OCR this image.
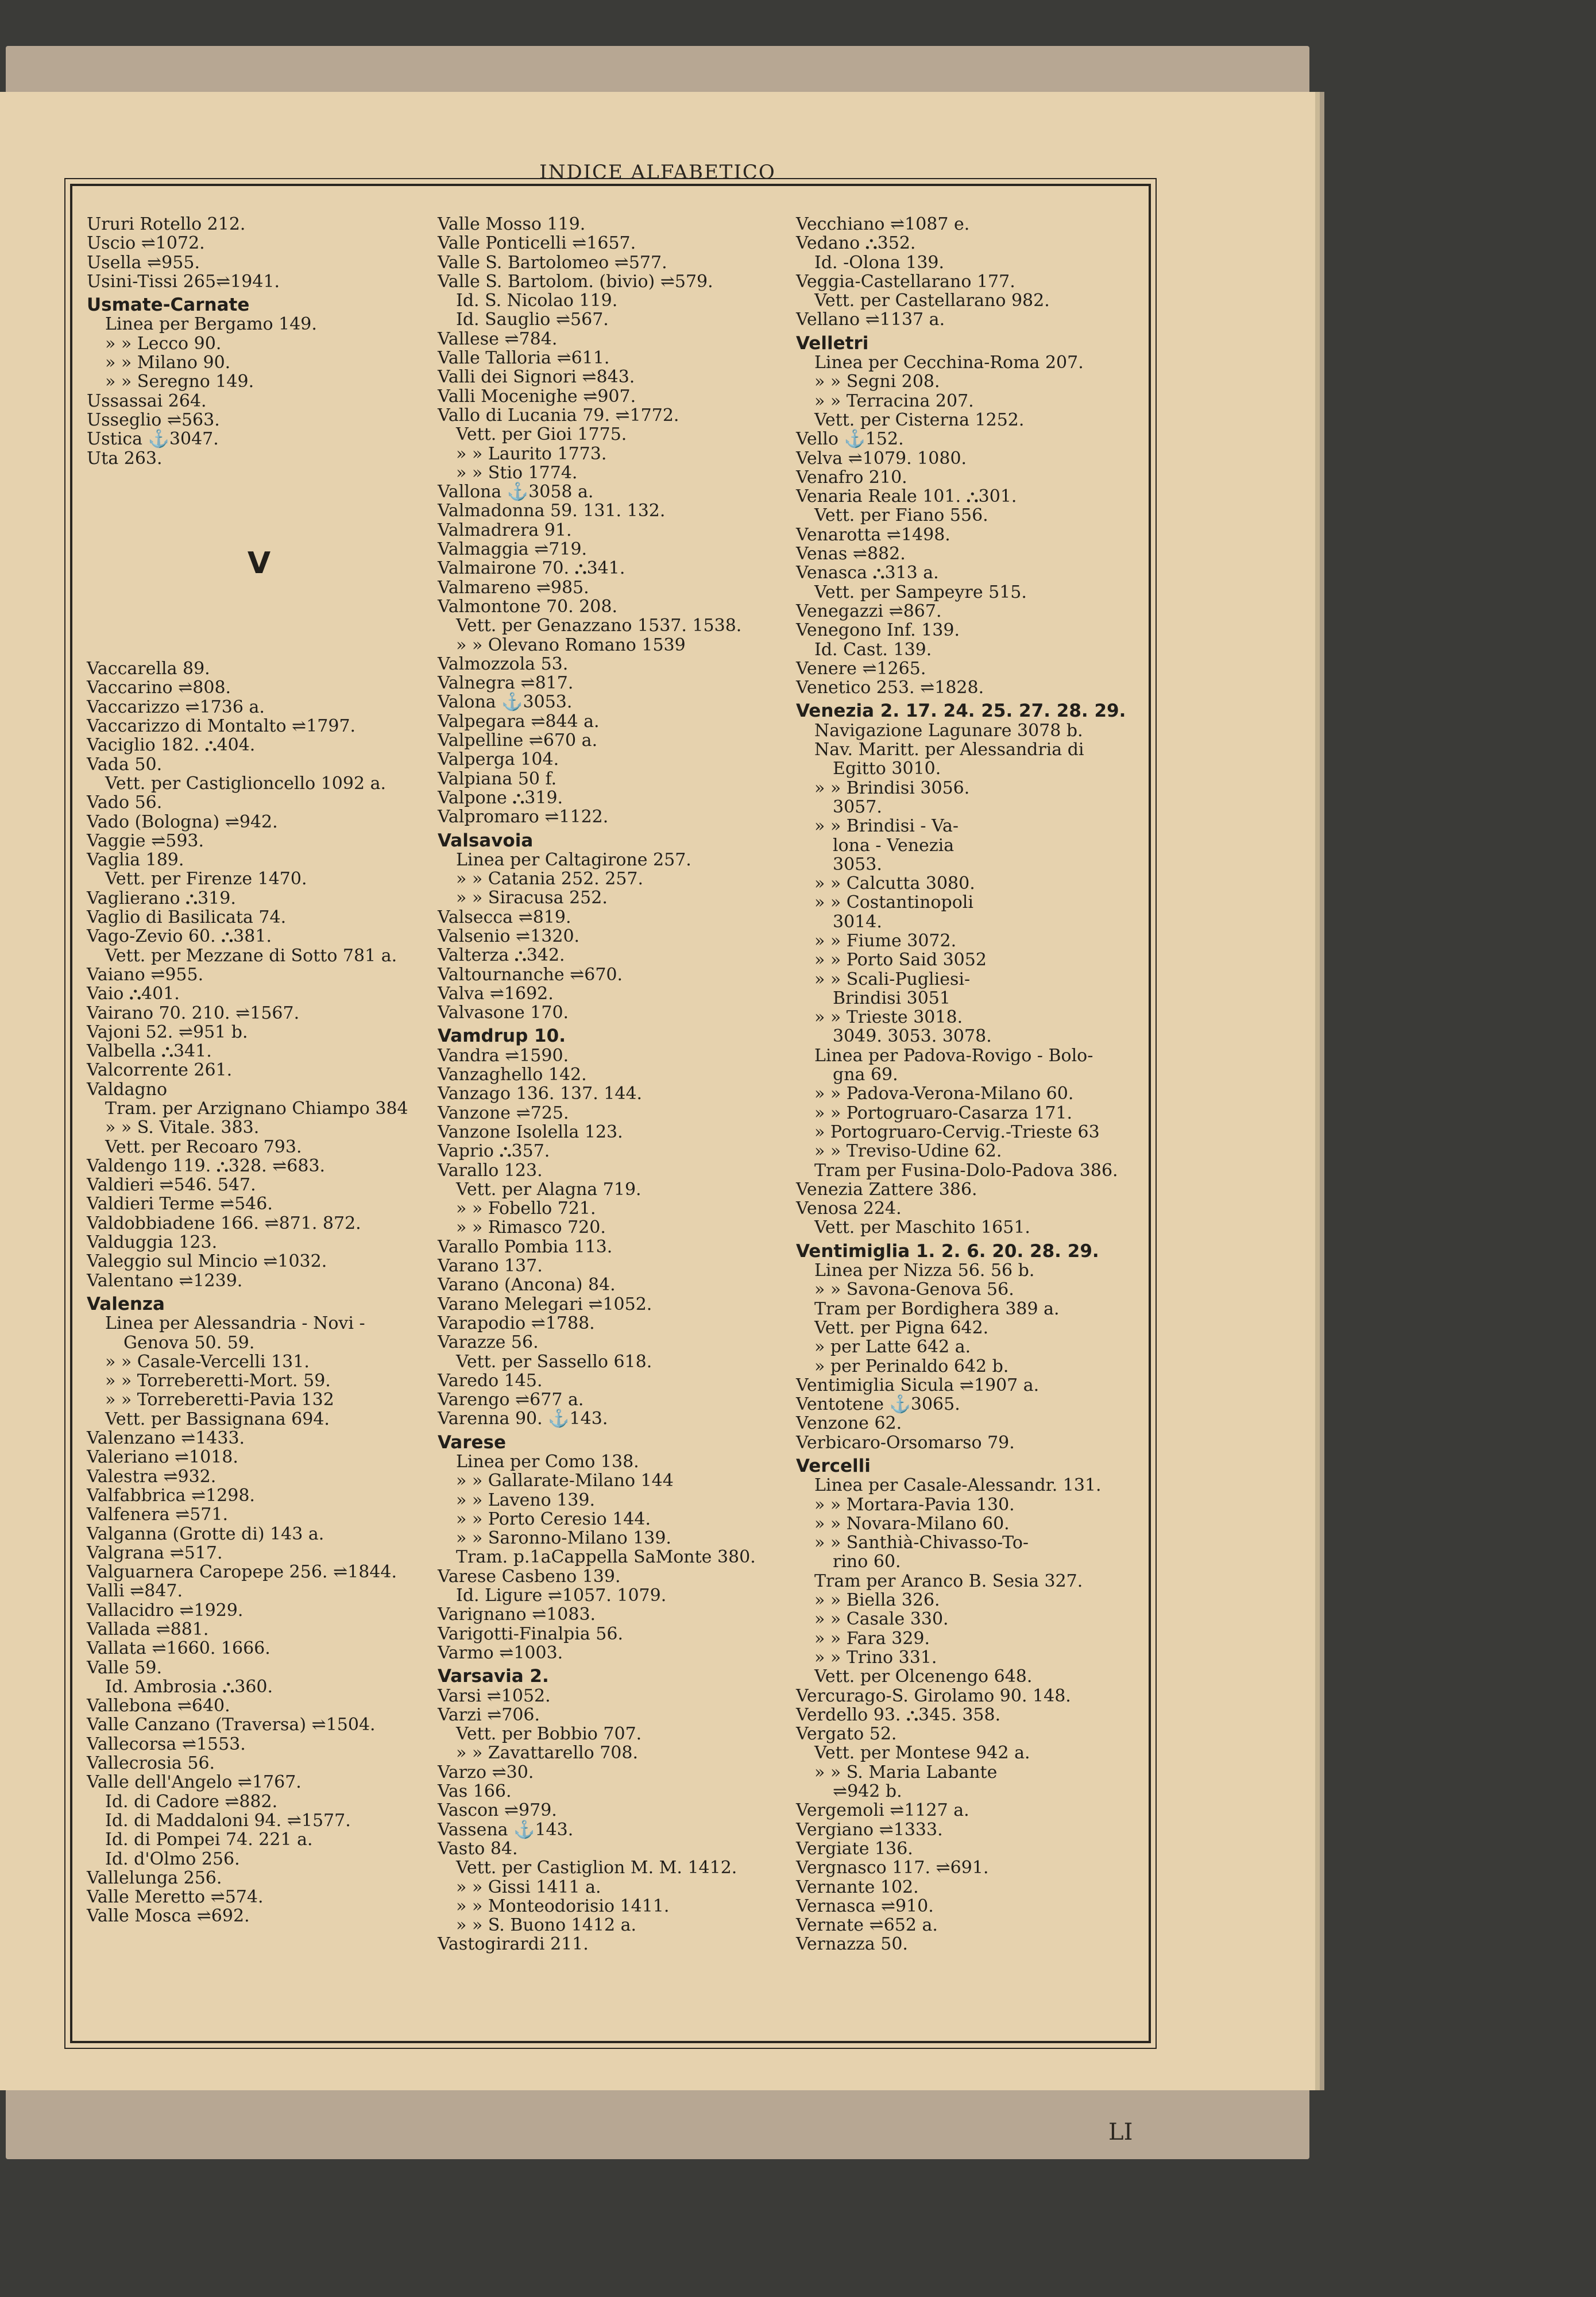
INDICE ALFABETICO
Ururi Rotello 212.
Uscio ⇌1072.
Usella ⇌955.
Usini-Tissi 265⇌1941.
Usmate-Carnate
Linea per Bergamo 149.
» » Lecco 90.
» » Milano 90.
» » Seregno 149.
Ussassai 264.
Usseglio ⇌563.
Ustica ⚓3047.
Uta 263.
V
Vaccarella 89.
Vaccarino ⇌808.
Vaccarizzo ⇌1736 a.
Vaccarizzo di Montalto ⇌1797.
Vaciglio 182. ⛬404.
Vada 50.
Vett. per Castiglioncello 1092 a.
Vado 56.
Vado (Bologna) ⇌942.
Vaggie ⇌593.
Vaglia 189.
Vett. per Firenze 1470.
Vaglierano ⛬319.
Vaglio di Basilicata 74.
Vago-Zevio 60. ⛬381.
Vett. per Mezzane di Sotto 781 a.
Vaiano ⇌955.
Vaio ⛬401.
Vairano 70. 210. ⇌1567.
Vajoni 52. ⇌951 b.
Valbella ⛬341.
Valcorrente 261.
Valdagno
Tram. per Arzignano Chiampo 384
» » S. Vitale. 383.
Vett. per Recoaro 793.
Valdengo 119. ⛬328. ⇌683.
Valdieri ⇌546. 547.
Valdieri Terme ⇌546.
Valdobbiadene 166. ⇌871. 872.
Valduggia 123.
Valeggio sul Mincio ⇌1032.
Valentano ⇌1239.
Valenza
Linea per Alessandria - Novi -
Genova 50. 59.
» » Casale-Vercelli 131.
» » Torreberetti-Mort. 59.
» » Torreberetti-Pavia 132
Vett. per Bassignana 694.
Valenzano ⇌1433.
Valeriano ⇌1018.
Valestra ⇌932.
Valfabbrica ⇌1298.
Valfenera ⇌571.
Valganna (Grotte di) 143 a.
Valgrana ⇌517.
Valguarnera Caropepe 256. ⇌1844.
Valli ⇌847.
Vallacidro ⇌1929.
Vallada ⇌881.
Vallata ⇌1660. 1666.
Valle 59.
Id. Ambrosia ⛬360.
Vallebona ⇌640.
Valle Canzano (Traversa) ⇌1504.
Vallecorsa ⇌1553.
Vallecrosia 56.
Valle dell'Angelo ⇌1767.
Id. di Cadore ⇌882.
Id. di Maddaloni 94. ⇌1577.
Id. di Pompei 74. 221 a.
Id. d'Olmo 256.
Vallelunga 256.
Valle Meretto ⇌574.
Valle Mosca ⇌692.
Valle Mosso 119.
Valle Ponticelli ⇌1657.
Valle S. Bartolomeo ⇌577.
Valle S. Bartolom. (bivio) ⇌579.
Id. S. Nicolao 119.
Id. Sauglio ⇌567.
Vallese ⇌784.
Valle Talloria ⇌611.
Valli dei Signori ⇌843.
Valli Mocenighe ⇌907.
Vallo di Lucania 79. ⇌1772.
Vett. per Gioi 1775.
» » Laurito 1773.
» » Stio 1774.
Vallona ⚓3058 a.
Valmadonna 59. 131. 132.
Valmadrera 91.
Valmaggia ⇌719.
Valmairone 70. ⛬341.
Valmareno ⇌985.
Valmontone 70. 208.
Vett. per Genazzano 1537. 1538.
» » Olevano Romano 1539
Valmozzola 53.
Valnegra ⇌817.
Valona ⚓3053.
Valpegara ⇌844 a.
Valpelline ⇌670 a.
Valperga 104.
Valpiana 50 f.
Valpone ⛬319.
Valpromaro ⇌1122.
Valsavoia
Linea per Caltagirone 257.
» » Catania 252. 257.
» » Siracusa 252.
Valsecca ⇌819.
Valsenio ⇌1320.
Valterza ⛬342.
Valtournanche ⇌670.
Valva ⇌1692.
Valvasone 170.
Vamdrup 10.
Vandra ⇌1590.
Vanzaghello 142.
Vanzago 136. 137. 144.
Vanzone ⇌725.
Vanzone Isolella 123.
Vaprio ⛬357.
Varallo 123.
Vett. per Alagna 719.
» » Fobello 721.
» » Rimasco 720.
Varallo Pombia 113.
Varano 137.
Varano (Ancona) 84.
Varano Melegari ⇌1052.
Varapodio ⇌1788.
Varazze 56.
Vett. per Sassello 618.
Varedo 145.
Varengo ⇌677 a.
Varenna 90. ⚓143.
Varese
Linea per Como 138.
» » Gallarate-Milano 144
» » Laveno 139.
» » Porto Ceresio 144.
» » Saronno-Milano 139.
Tram. p.1aCappella SaMonte 380.
Varese Casbeno 139.
Id. Ligure ⇌1057. 1079.
Varignano ⇌1083.
Varigotti-Finalpia 56.
Varmo ⇌1003.
Varsavia 2.
Varsi ⇌1052.
Varzi ⇌706.
Vett. per Bobbio 707.
» » Zavattarello 708.
Varzo ⇌30.
Vas 166.
Vascon ⇌979.
Vassena ⚓143.
Vasto 84.
Vett. per Castiglion M. M. 1412.
» » Gissi 1411 a.
» » Monteodorisio 1411.
» » S. Buono 1412 a.
Vastogirardi 211.
Vecchiano ⇌1087 e.
Vedano ⛬352.
Id. -Olona 139.
Veggia-Castellarano 177.
Vett. per Castellarano 982.
Vellano ⇌1137 a.
Velletri
Linea per Cecchina-Roma 207.
» » Segni 208.
» » Terracina 207.
Vett. per Cisterna 1252.
Vello ⚓152.
Velva ⇌1079. 1080.
Venafro 210.
Venaria Reale 101. ⛬301.
Vett. per Fiano 556.
Venarotta ⇌1498.
Venas ⇌882.
Venasca ⛬313 a.
Vett. per Sampeyre 515.
Venegazzi ⇌867.
Venegono Inf. 139.
Id. Cast. 139.
Venere ⇌1265.
Venetico 253. ⇌1828.
Venezia 2. 17. 24. 25. 27. 28. 29.
Navigazione Lagunare 3078 b.
Nav. Maritt. per Alessandria di
Egitto 3010.
» » Brindisi 3056.
3057.
» » Brindisi - Va-
lona - Venezia
3053.
» » Calcutta 3080.
» » Costantinopoli
3014.
» » Fiume 3072.
» » Porto Said 3052
» » Scali-Pugliesi-
Brindisi 3051
» » Trieste 3018.
3049. 3053. 3078.
Linea per Padova-Rovigo - Bolo-
gna 69.
» » Padova-Verona-Milano 60.
» » Portogruaro-Casarza 171.
» Portogruaro-Cervig.-Trieste 63
» » Treviso-Udine 62.
Tram per Fusina-Dolo-Padova 386.
Venezia Zattere 386.
Venosa 224.
Vett. per Maschito 1651.
Ventimiglia 1. 2. 6. 20. 28. 29.
Linea per Nizza 56. 56 b.
» » Savona-Genova 56.
Tram per Bordighera 389 a.
Vett. per Pigna 642.
» per Latte 642 a.
» per Perinaldo 642 b.
Ventimiglia Sicula ⇌1907 a.
Ventotene ⚓3065.
Venzone 62.
Verbicaro-Orsomarso 79.
Vercelli
Linea per Casale-Alessandr. 131.
» » Mortara-Pavia 130.
» » Novara-Milano 60.
» » Santhià-Chivasso-To-
rino 60.
Tram per Aranco B. Sesia 327.
» » Biella 326.
» » Casale 330.
» » Fara 329.
» » Trino 331.
Vett. per Olcenengo 648.
Vercurago-S. Girolamo 90. 148.
Verdello 93. ⛬345. 358.
Vergato 52.
Vett. per Montese 942 a.
» » S. Maria Labante
⇌942 b.
Vergemoli ⇌1127 a.
Vergiano ⇌1333.
Vergiate 136.
Vergnasco 117. ⇌691.
Vernante 102.
Vernasca ⇌910.
Vernate ⇌652 a.
Vernazza 50.
LI
